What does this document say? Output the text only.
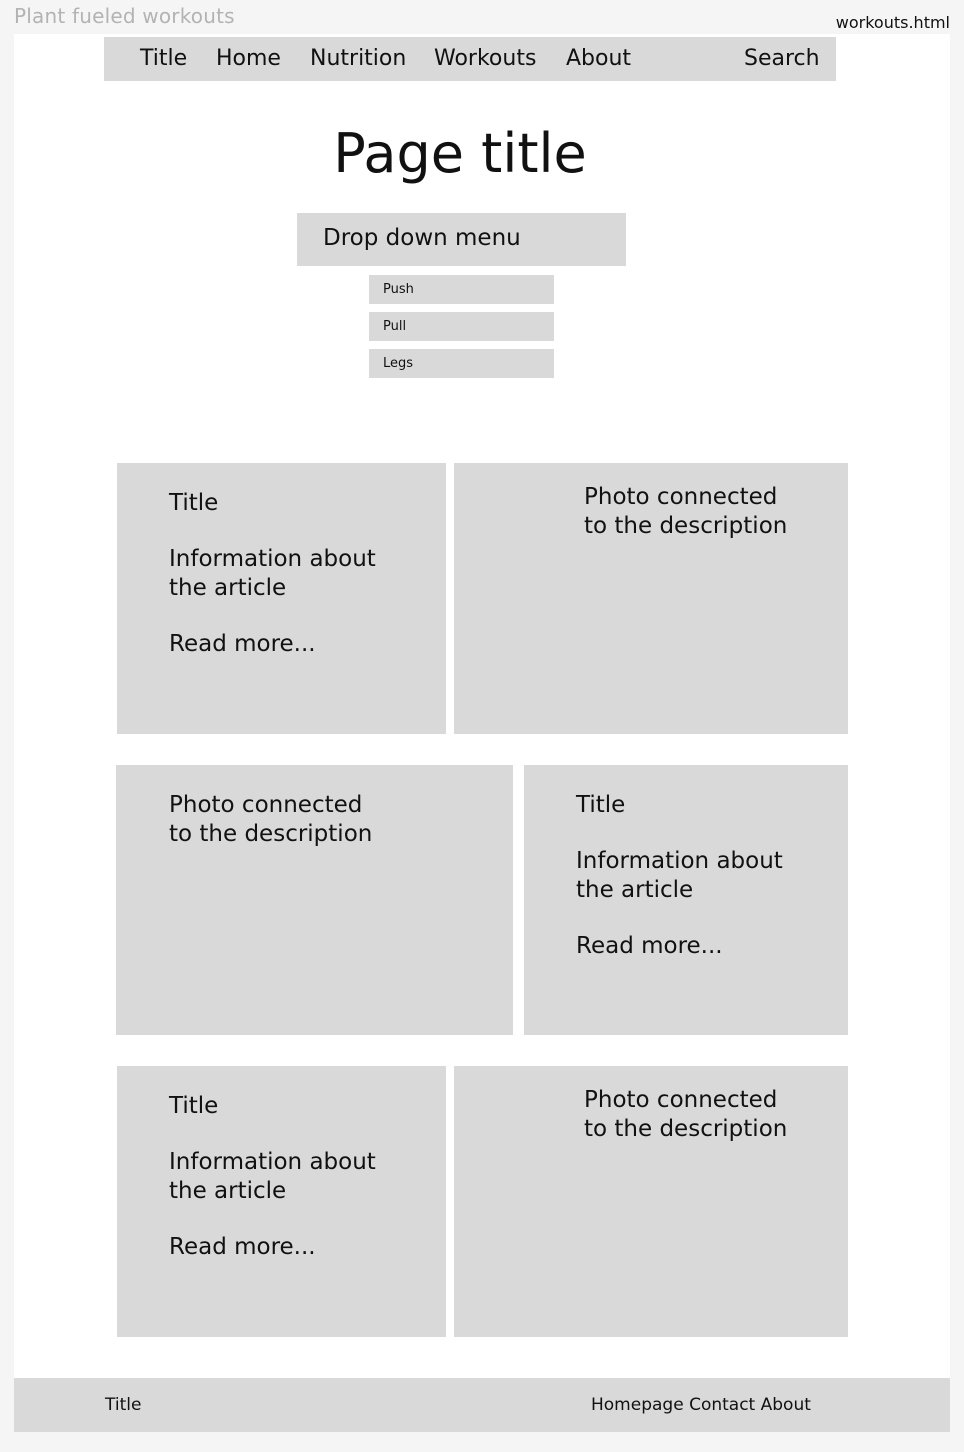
Plant fueled workouts	workouts.html
Title Home Nutrition Workouts About	Search
Page title
Drop down menu
Push
Pull
Legs
Title
Information about
the article
Read more...
Photo connected
to the description
Photo connected
to the description
Title
Information about
the article
Read more...
Title
Information about
the article
Read more...
Photo connected
to the description
Title	Homepage Contact About
